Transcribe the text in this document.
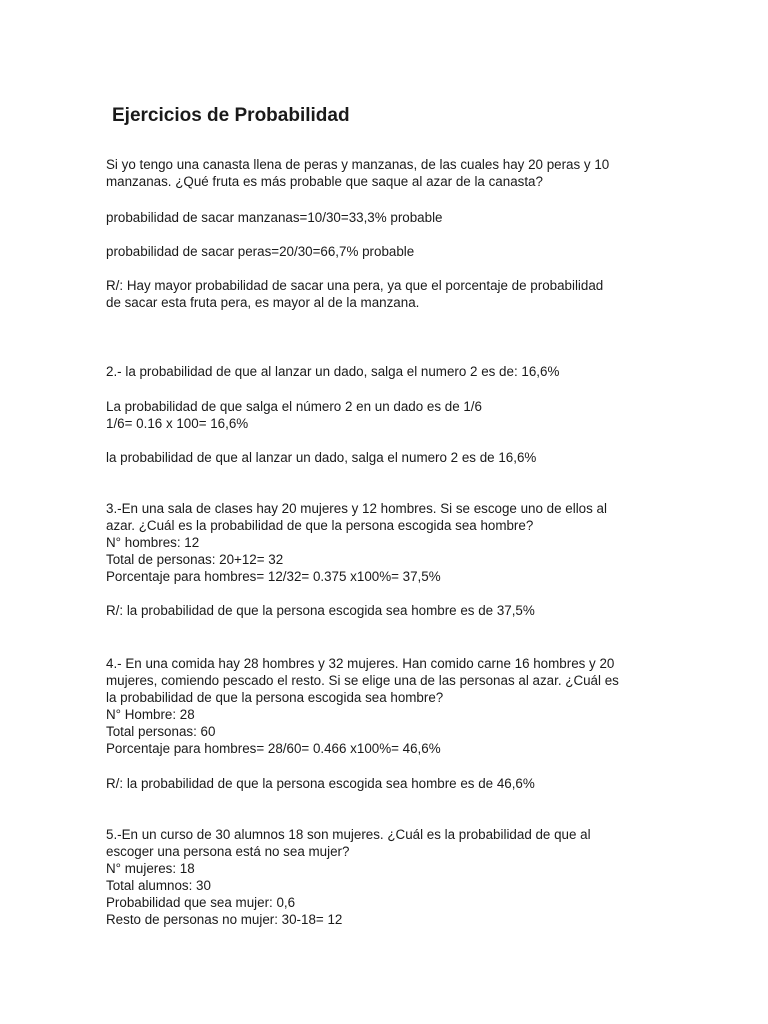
Ejercicios de Probabilidad
Si yo tengo una canasta llena de peras y manzanas, de las cuales hay 20 peras y 10
manzanas. ¿Qué fruta es más probable que saque al azar de la canasta?
probabilidad de sacar manzanas=10/30=33,3% probable
probabilidad de sacar peras=20/30=66,7% probable
R/: Hay mayor probabilidad de sacar una pera, ya que el porcentaje de probabilidad
de sacar esta fruta pera, es mayor al de la manzana.
2.- la probabilidad de que al lanzar un dado, salga el numero 2 es de: 16,6%
La probabilidad de que salga el número 2 en un dado es de 1/6
1/6= 0.16 x 100= 16,6%
la probabilidad de que al lanzar un dado, salga el numero 2 es de 16,6%
3.-En una sala de clases hay 20 mujeres y 12 hombres. Si se escoge uno de ellos al
azar. ¿Cuál es la probabilidad de que la persona escogida sea hombre?
N° hombres: 12
Total de personas: 20+12= 32
Porcentaje para hombres= 12/32= 0.375 x100%= 37,5%
R/: la probabilidad de que la persona escogida sea hombre es de 37,5%
4.- En una comida hay 28 hombres y 32 mujeres. Han comido carne 16 hombres y 20
mujeres, comiendo pescado el resto. Si se elige una de las personas al azar. ¿Cuál es
la probabilidad de que la persona escogida sea hombre?
N° Hombre: 28
Total personas: 60
Porcentaje para hombres= 28/60= 0.466 x100%= 46,6%
R/: la probabilidad de que la persona escogida sea hombre es de 46,6%
5.-En un curso de 30 alumnos 18 son mujeres. ¿Cuál es la probabilidad de que al
escoger una persona está no sea mujer?
N° mujeres: 18
Total alumnos: 30
Probabilidad que sea mujer: 0,6
Resto de personas no mujer: 30-18= 12
